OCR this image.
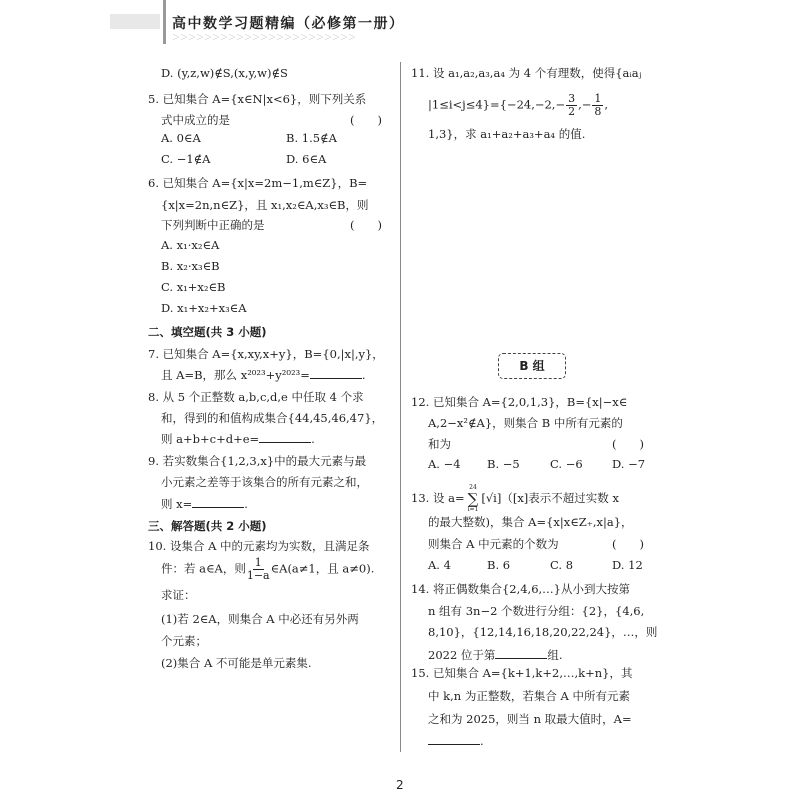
高中数学习题精编（必修第一册）
＞＞＞＞＞＞＞＞＞＞＞＞＞＞＞＞＞＞＞＞＞＞＞
D. (y,z,w)∉S,(x,y,w)∉S
5. 已知集合 A={x∈N|x<6}，则下列关系
式中成立的是	(　　)
A. 0∈A	B. 1.5∉A
C. −1∉A	D. 6∈A
6. 已知集合 A={x|x=2m−1,m∈Z}，B=
{x|x=2n,n∈Z}，且 x₁,x₂∈A,x₃∈B，则
下列判断中正确的是	(　　)
A. x₁·x₂∈A
B. x₂·x₃∈B
C. x₁+x₂∈B
D. x₁+x₂+x₃∈A
二、填空题(共 3 小题)
7. 已知集合 A={x,xy,x+y}，B={0,|x|,y}，
且 A=B，那么 x²⁰²³+y²⁰²³=	.
8. 从 5 个正整数 a,b,c,d,e 中任取 4 个求
和，得到的和值构成集合{44,45,46,47}，
则 a+b+c+d+e=	.
9. 若实数集合{1,2,3,x}中的最大元素与最
小元素之差等于该集合的所有元素之和，
则 x=	.
三、解答题(共 2 小题)
10. 设集合 A 中的元素均为实数，且满足条
件：若 a∈A，则 $\frac{1}{1-a}$ ∈A(a≠1，且 a≠0).
求证：
(1)若 2∈A，则集合 A 中必还有另外两
个元素；
(2)集合 A 不可能是单元素集.
11. 设 a₁,a₂,a₃,a₄ 为 4 个有理数，使得{aᵢaⱼ
$|1\le i<j\le 4\}=\{-24,-2,- \frac{3}{2}$ ,− $\frac{1}{8}$ ,
1,3}，求 a₁+a₂+a₃+a₄ 的值.
B 组
12. 已知集合 A={2,0,1,3}，B={x|−x∈
A,2−x²∉A}，则集合 B 中所有元素的
和为	(　　)
A. −4 B. −5	C. −6	D. −7
13. 设 a=
24
∑
i=1
[√i]（[x]表示不超过实数 x
的最大整数)，集合 A={x|x∈Z₊,x|a}，
则集合 A 中元素的个数为	(　　)
A. 4	B. 6	C. 8	D. 12
14. 将正偶数集合{2,4,6,…}从小到大按第
n 组有 3n−2 个数进行分组：{2}，{4,6,
8,10}，{12,14,16,18,20,22,24}，…，则
2022 位于第	组.
15. 已知集合 A={k+1,k+2,…,k+n}，其
中 k,n 为正整数，若集合 A 中所有元素
之和为 2025，则当 n 取最大值时，A=
.
2
